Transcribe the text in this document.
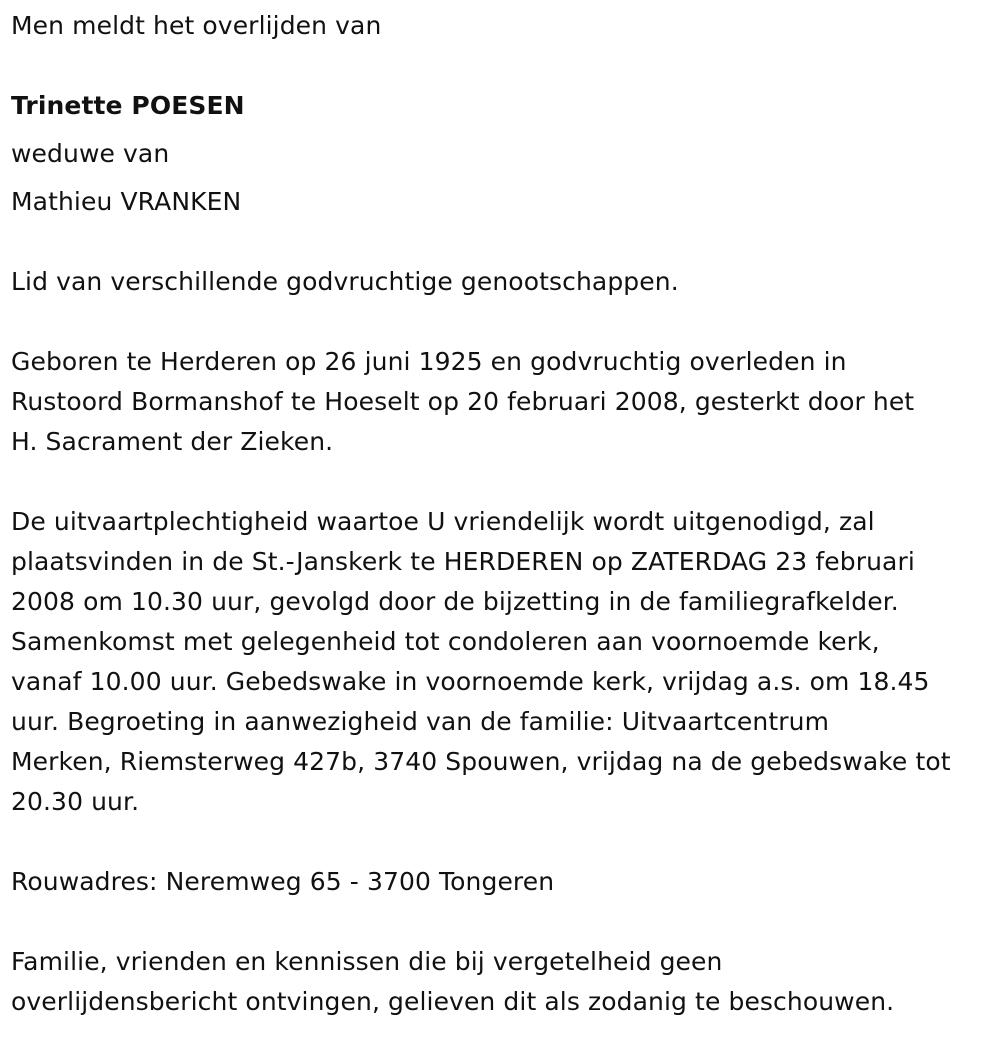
Men meldt het overlijden van
Trinette POESEN
weduwe van
Mathieu VRANKEN
Lid van verschillende godvruchtige genootschappen.
Geboren te Herderen op 26 juni 1925 en godvruchtig overleden in
Rustoord Bormanshof te Hoeselt op 20 februari 2008, gesterkt door het
H. Sacrament der Zieken.
De uitvaartplechtigheid waartoe U vriendelijk wordt uitgenodigd, zal
plaatsvinden in de St.-Janskerk te HERDEREN op ZATERDAG 23 februari
2008 om 10.30 uur, gevolgd door de bijzetting in de familiegrafkelder.
Samenkomst met gelegenheid tot condoleren aan voornoemde kerk,
vanaf 10.00 uur. Gebedswake in voornoemde kerk, vrijdag a.s. om 18.45
uur. Begroeting in aanwezigheid van de familie: Uitvaartcentrum
Merken, Riemsterweg 427b, 3740 Spouwen, vrijdag na de gebedswake tot
20.30 uur.
Rouwadres: Neremweg 65 - 3700 Tongeren
Familie, vrienden en kennissen die bij vergetelheid geen
overlijdensbericht ontvingen, gelieven dit als zodanig te beschouwen.
